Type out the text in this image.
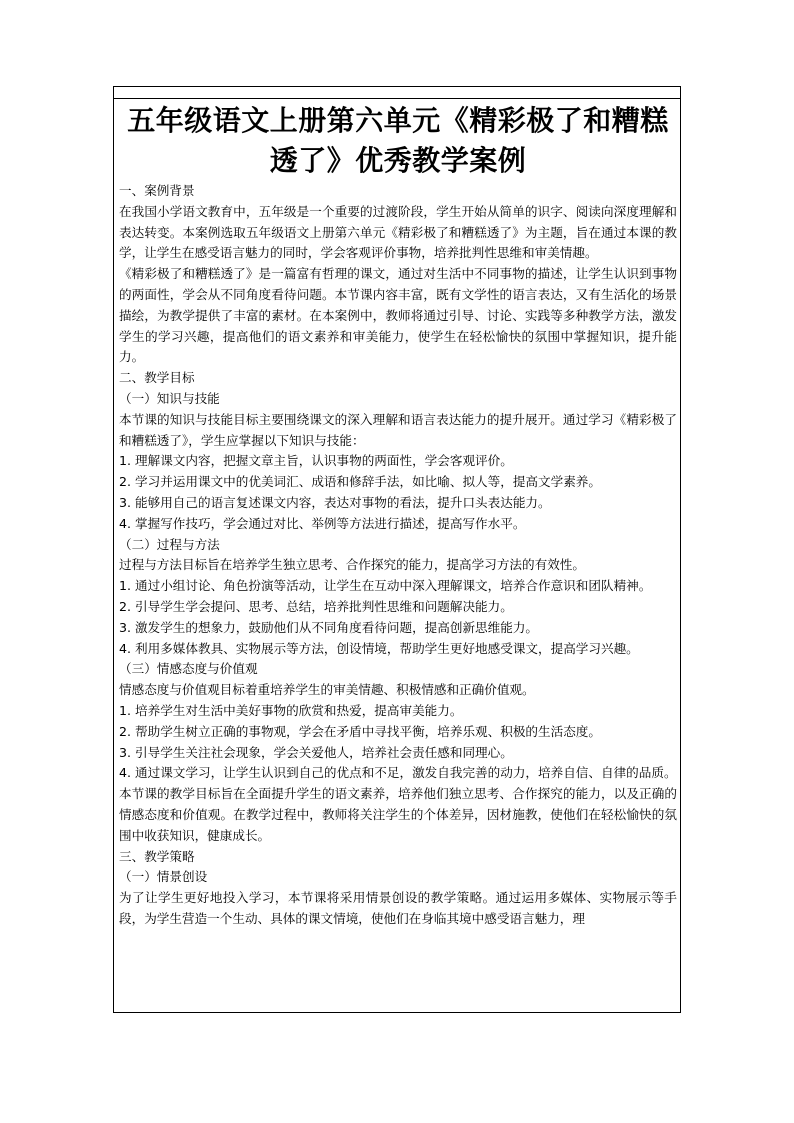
五年级语文上册第六单元《精彩极了和糟糕透了》优秀教学案例

一、案例背景

在我国小学语文教育中，五年级是一个重要的过渡阶段，学生开始从简单的识字、阅读向深度理解和表达转变。本案例选取五年级语文上册第六单元《精彩极了和糟糕透了》为主题，旨在通过本课的教学，让学生在感受语言魅力的同时，学会客观评价事物，培养批判性思维和审美情趣。

《精彩极了和糟糕透了》是一篇富有哲理的课文，通过对生活中不同事物的描述，让学生认识到事物的两面性，学会从不同角度看待问题。本节课内容丰富，既有文学性的语言表达，又有生活化的场景描绘，为教学提供了丰富的素材。在本案例中，教师将通过引导、讨论、实践等多种教学方法，激发学生的学习兴趣，提高他们的语文素养和审美能力，使学生在轻松愉快的氛围中掌握知识，提升能力。

二、教学目标

（一）知识与技能

本节课的知识与技能目标主要围绕课文的深入理解和语言表达能力的提升展开。通过学习《精彩极了和糟糕透了》，学生应掌握以下知识与技能：

1. 理解课文内容，把握文章主旨，认识事物的两面性，学会客观评价。
2. 学习并运用课文中的优美词汇、成语和修辞手法，如比喻、拟人等，提高文学素养。
3. 能够用自己的语言复述课文内容，表达对事物的看法，提升口头表达能力。
4. 掌握写作技巧，学会通过对比、举例等方法进行描述，提高写作水平。

（二）过程与方法

过程与方法目标旨在培养学生独立思考、合作探究的能力，提高学习方法的有效性。

1. 通过小组讨论、角色扮演等活动，让学生在互动中深入理解课文，培养合作意识和团队精神。
2. 引导学生学会提问、思考、总结，培养批判性思维和问题解决能力。
3. 激发学生的想象力，鼓励他们从不同角度看待问题，提高创新思维能力。
4. 利用多媒体教具、实物展示等方法，创设情境，帮助学生更好地感受课文，提高学习兴趣。

（三）情感态度与价值观

情感态度与价值观目标着重培养学生的审美情趣、积极情感和正确价值观。

1. 培养学生对生活中美好事物的欣赏和热爱，提高审美能力。
2. 帮助学生树立正确的事物观，学会在矛盾中寻找平衡，培养乐观、积极的生活态度。
3. 引导学生关注社会现象，学会关爱他人，培养社会责任感和同理心。
4. 通过课文学习，让学生认识到自己的优点和不足，激发自我完善的动力，培养自信、自律的品质。

本节课的教学目标旨在全面提升学生的语文素养，培养他们独立思考、合作探究的能力，以及正确的情感态度和价值观。在教学过程中，教师将关注学生的个体差异，因材施教，使他们在轻松愉快的氛围中收获知识，健康成长。

三、教学策略

（一）情景创设

为了让学生更好地投入学习，本节课将采用情景创设的教学策略。通过运用多媒体、实物展示等手段，为学生营造一个生动、具体的课文情境，使他们在身临其境中感受语言魅力，理
